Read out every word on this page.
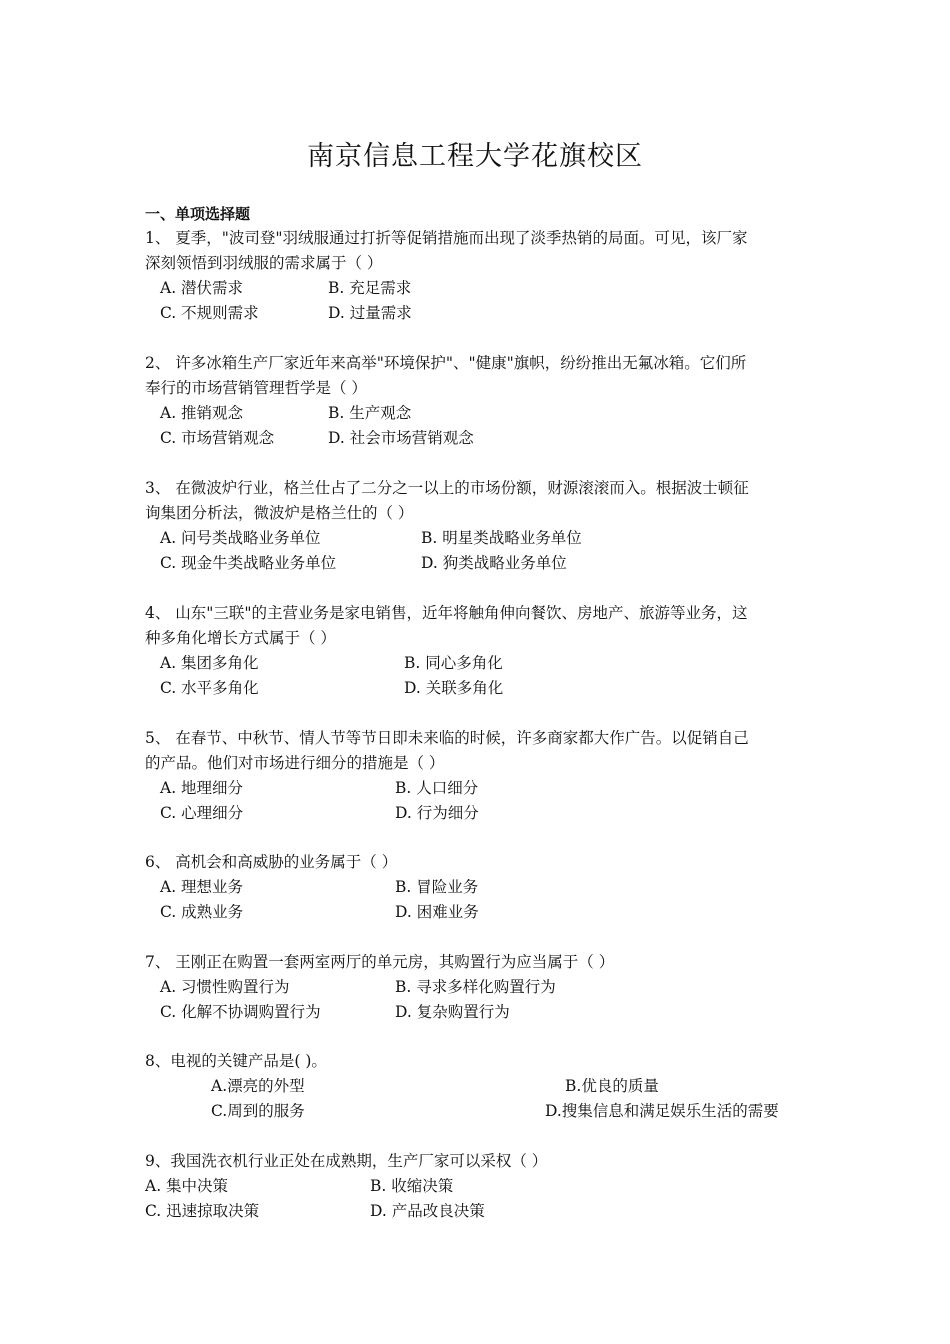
南京信息工程大学花旗校区
一、单项选择题
1、 夏季，"波司登"羽绒服通过打折等促销措施而出现了淡季热销的局面。可见，该厂家
深刻领悟到羽绒服的需求属于（ ）
A. 潜伏需求	B. 充足需求
C. 不规则需求	D. 过量需求
2、 许多冰箱生产厂家近年来高举"环境保护"、"健康"旗帜，纷纷推出无氟冰箱。它们所
奉行的市场营销管理哲学是（ ）
A. 推销观念	B. 生产观念
C. 市场营销观念	D. 社会市场营销观念
3、 在微波炉行业，格兰仕占了二分之一以上的市场份额，财源滚滚而入。根据波士顿征
询集团分析法，微波炉是格兰仕的（ ）
A. 问号类战略业务单位	B. 明星类战略业务单位
C. 现金牛类战略业务单位	D. 狗类战略业务单位
4、 山东"三联"的主营业务是家电销售，近年将触角伸向餐饮、房地产、旅游等业务，这
种多角化增长方式属于（ ）
A. 集团多角化	B. 同心多角化
C. 水平多角化	D. 关联多角化
5、 在春节、中秋节、情人节等节日即未来临的时候，许多商家都大作广告。以促销自己
的产品。他们对市场进行细分的措施是（ ）
A. 地理细分	B. 人口细分
C. 心理细分	D. 行为细分
6、 高机会和高威胁的业务属于（ ）
A. 理想业务	B. 冒险业务
C. 成熟业务	D. 困难业务
7、 王刚正在购置一套两室两厅的单元房，其购置行为应当属于（ ）
A. 习惯性购置行为	B. 寻求多样化购置行为
C. 化解不协调购置行为	D. 复杂购置行为
8、电视的关键产品是( )。
A.漂亮的外型	B.优良的质量
C.周到的服务	D.搜集信息和满足娱乐生活的需要
9、我国洗衣机行业正处在成熟期，生产厂家可以采权（ ）
A. 集中决策	B. 收缩决策
C. 迅速掠取决策	D. 产品改良决策
